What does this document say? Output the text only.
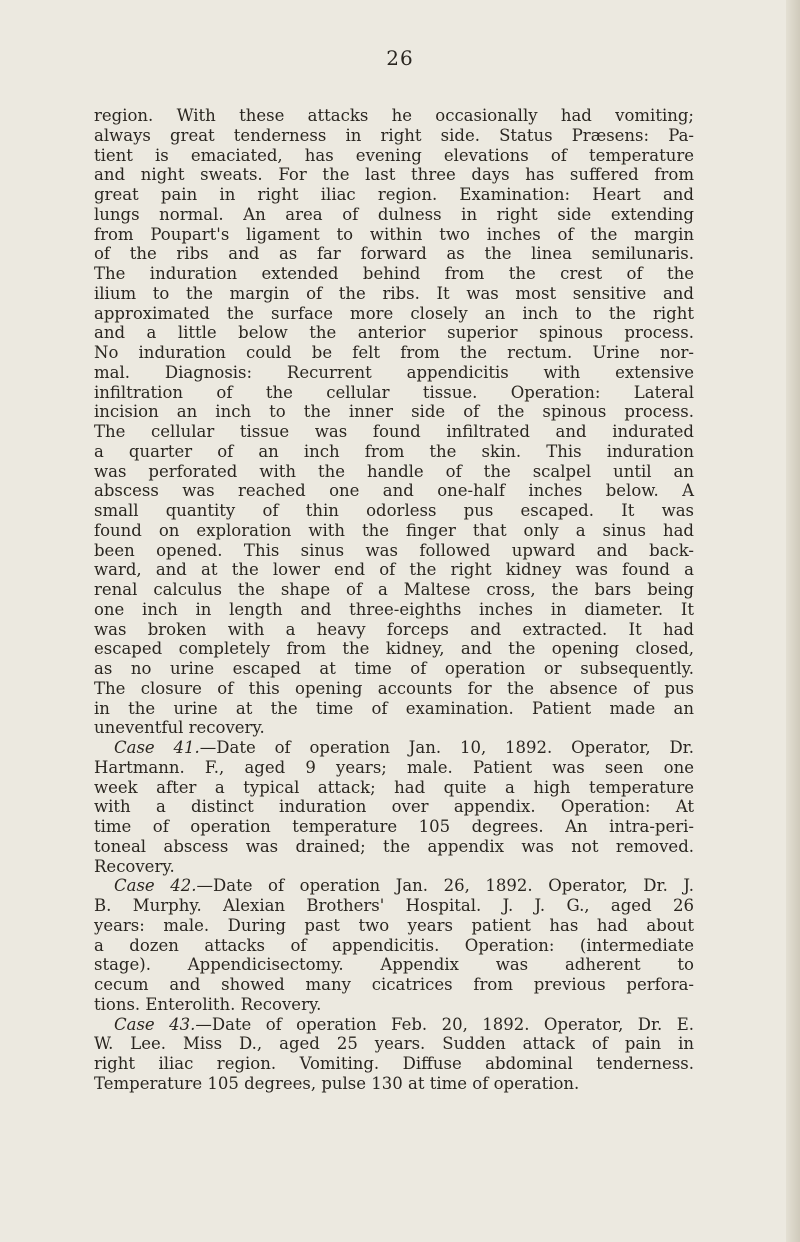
26
region. With these attacks he occasionally had vomiting;
always great tenderness in right side. Status Præsens: Pa-
tient is emaciated, has evening elevations of temperature
and night sweats. For the last three days has suffered from
great pain in right iliac region. Examination: Heart and
lungs normal. An area of dulness in right side extending
from Poupart's ligament to within two inches of the margin
of the ribs and as far forward as the linea semilunaris.
The induration extended behind from the crest of the
ilium to the margin of the ribs. It was most sensitive and
approximated the surface more closely an inch to the right
and a little below the anterior superior spinous process.
No induration could be felt from the rectum. Urine nor-
mal. Diagnosis: Recurrent appendicitis with extensive
infiltration of the cellular tissue. Operation: Lateral
incision an inch to the inner side of the spinous process.
The cellular tissue was found infiltrated and indurated
a quarter of an inch from the skin. This induration
was perforated with the handle of the scalpel until an
abscess was reached one and one-half inches below. A
small quantity of thin odorless pus escaped. It was
found on exploration with the finger that only a sinus had
been opened. This sinus was followed upward and back-
ward, and at the lower end of the right kidney was found a
renal calculus the shape of a Maltese cross, the bars being
one inch in length and three-eighths inches in diameter. It
was broken with a heavy forceps and extracted. It had
escaped completely from the kidney, and the opening closed,
as no urine escaped at time of operation or subsequently.
The closure of this opening accounts for the absence of pus
in the urine at the time of examination. Patient made an
uneventful recovery.
Case 41.—Date of operation Jan. 10, 1892. Operator, Dr.
Hartmann. F., aged 9 years; male. Patient was seen one
week after a typical attack; had quite a high temperature
with a distinct induration over appendix. Operation: At
time of operation temperature 105 degrees. An intra-peri-
toneal abscess was drained; the appendix was not removed.
Recovery.
Case 42.—Date of operation Jan. 26, 1892. Operator, Dr. J.
B. Murphy. Alexian Brothers' Hospital. J. J. G., aged 26
years: male. During past two years patient has had about
a dozen attacks of appendicitis. Operation: (intermediate
stage). Appendicisectomy. Appendix was adherent to
cecum and showed many cicatrices from previous perfora-
tions. Enterolith. Recovery.
Case 43.—Date of operation Feb. 20, 1892. Operator, Dr. E.
W. Lee. Miss D., aged 25 years. Sudden attack of pain in
right iliac region. Vomiting. Diffuse abdominal tenderness.
Temperature 105 degrees, pulse 130 at time of operation.
